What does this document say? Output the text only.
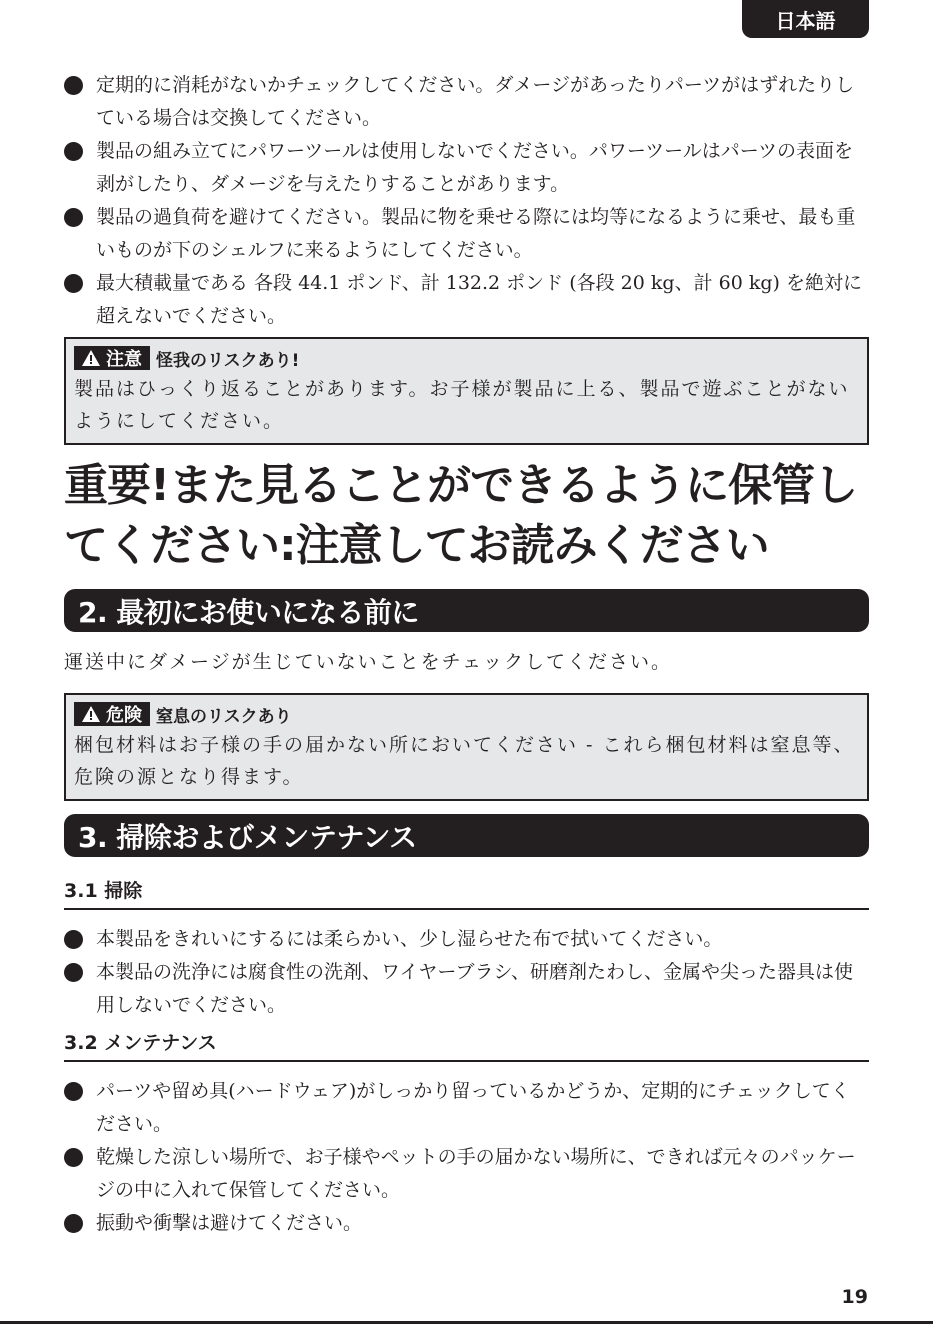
日本語
定期的に消耗がないかチェックしてください。ダメージがあったりパーツがはずれたりしている場合は交換してください。
製品の組み立てにパワーツールは使用しないでください。パワーツールはパーツの表面を剥がしたり、ダメージを与えたりすることがあります。
製品の過負荷を避けてください。製品に物を乗せる際には均等になるように乗せ、最も重いものが下のシェルフに来るようにしてください。
最大積載量である 各段 44.1 ポンド、計 132.2 ポンド (各段 20 kg、計 60 kg) を絶対に超えないでください。
注意 怪我のリスクあり!
製品はひっくり返ることがあります。お子様が製品に上る、製品で遊ぶことがないようにしてください。
重要!また見ることができるように保管してください:注意してお読みください
2. 最初にお使いになる前に
運送中にダメージが生じていないことをチェックしてください。
危険 窒息のリスクあり
梱包材料はお子様の手の届かない所においてください - これら梱包材料は窒息等、危険の源となり得ます。
3. 掃除およびメンテナンス
3.1 掃除
本製品をきれいにするには柔らかい、少し湿らせた布で拭いてください。
本製品の洗浄には腐食性の洗剤、ワイヤーブラシ、研磨剤たわし、金属や尖った器具は使用しないでください。
3.2 メンテナンス
パーツや留め具(ハードウェア)がしっかり留っているかどうか、定期的にチェックしてください。
乾燥した涼しい場所で、お子様やペットの手の届かない場所に、できれば元々のパッケージの中に入れて保管してください。
振動や衝撃は避けてください。
19
